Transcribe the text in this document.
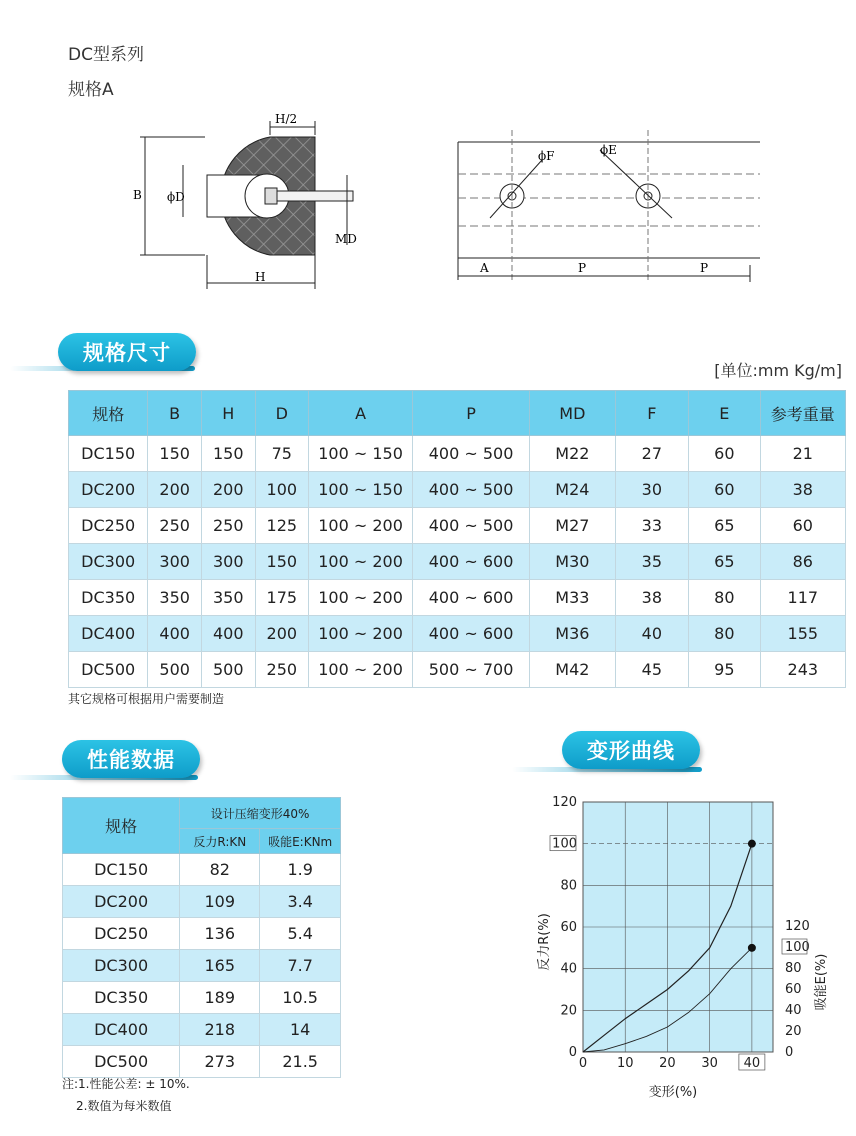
DC型系列
规格A
H/2
B ϕD
H
MD
ϕF	ϕE
A	P	P
规格尺寸
[单位:mm Kg/m]
规格	B	H	D	A	P	MD	F	E	参考重量
DC150	150	150	75	100 ~ 150	400 ~ 500	M22	27	60	21
DC200	200	200	100	100 ~ 150	400 ~ 500	M24	30	60	38
DC250	250	250	125	100 ~ 200	400 ~ 500	M27	33	65	60
DC300	300	300	150	100 ~ 200	400 ~ 600	M30	35	65	86
DC350	350	350	175	100 ~ 200	400 ~ 600	M33	38	80	117
DC400	400	400	200	100 ~ 200	400 ~ 600	M36	40	80	155
DC500	500	500	250	100 ~ 200	500 ~ 700	M42	45	95	243
其它规格可根据用户需要制造
性能数据
规格	设计压缩变形40%	
	反力R:KN	吸能E:KNm
DC150	82	1.9
DC200	109	3.4
DC250	136	5.4
DC300	165	7.7
DC350	189	10.5
DC400	218	14
DC500	273	21.5
注:1.性能公差: ± 10%.
2.数值为每米数值
变形曲线
0
20
40
60
80
100
120
0 10 20 30 40
0
20
40
60
80
100
120
变形(%)
反力R(%)
吸能E(%)
